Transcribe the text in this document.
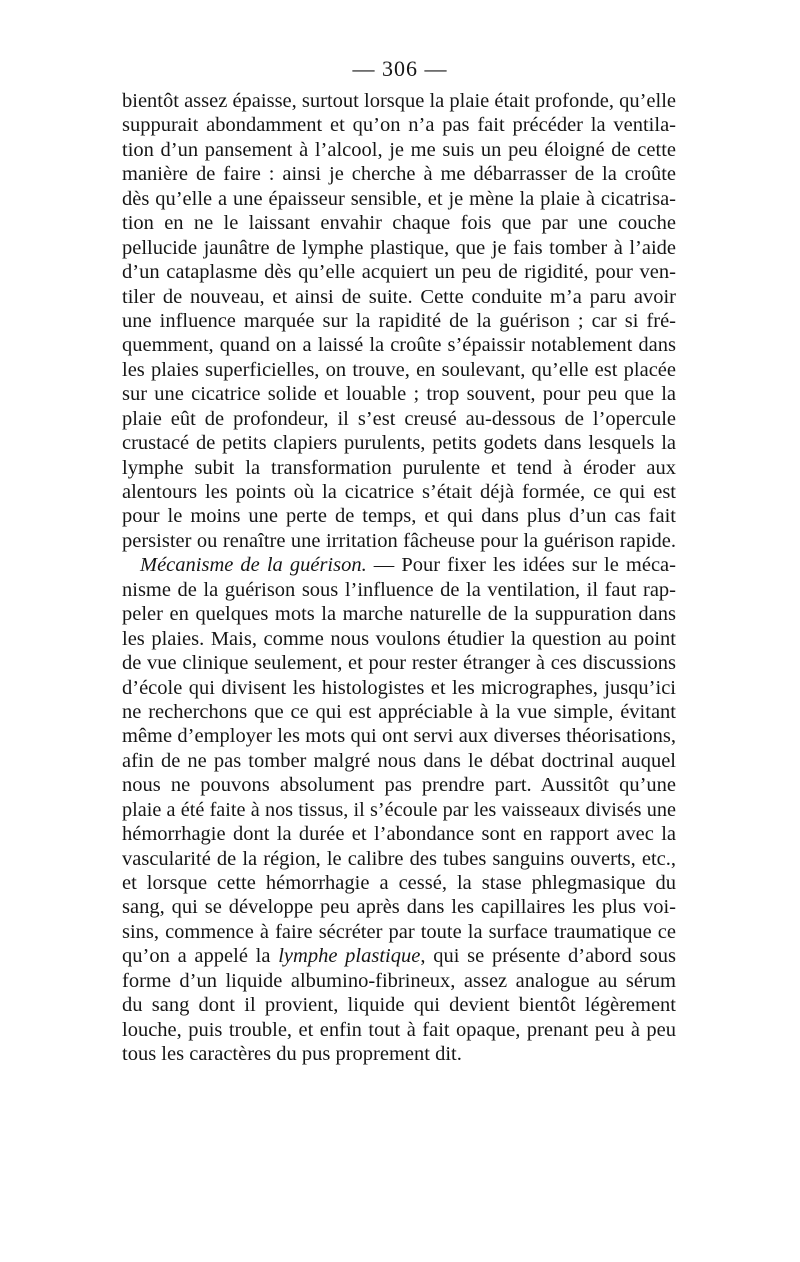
— 306 —
bientôt assez épaisse, surtout lorsque la plaie était profonde, qu’elle
suppurait abondamment et qu’on n’a pas fait précéder la ventila-
tion d’un pansement à l’alcool, je me suis un peu éloigné de cette
manière de faire : ainsi je cherche à me débarrasser de la croûte
dès qu’elle a une épaisseur sensible, et je mène la plaie à cicatrisa-
tion en ne le laissant envahir chaque fois que par une couche
pellucide jaunâtre de lymphe plastique, que je fais tomber à l’aide
d’un cataplasme dès qu’elle acquiert un peu de rigidité, pour ven-
tiler de nouveau, et ainsi de suite. Cette conduite m’a paru avoir
une influence marquée sur la rapidité de la guérison ; car si fré-
quemment, quand on a laissé la croûte s’épaissir notablement dans
les plaies superficielles, on trouve, en soulevant, qu’elle est placée
sur une cicatrice solide et louable ; trop souvent, pour peu que la
plaie eût de profondeur, il s’est creusé au-dessous de l’opercule
crustacé de petits clapiers purulents, petits godets dans lesquels la
lymphe subit la transformation purulente et tend à éroder aux
alentours les points où la cicatrice s’était déjà formée, ce qui est
pour le moins une perte de temps, et qui dans plus d’un cas fait
persister ou renaître une irritation fâcheuse pour la guérison rapide.
Mécanisme de la guérison. — Pour fixer les idées sur le méca-
nisme de la guérison sous l’influence de la ventilation, il faut rap-
peler en quelques mots la marche naturelle de la suppuration dans
les plaies. Mais, comme nous voulons étudier la question au point
de vue clinique seulement, et pour rester étranger à ces discussions
d’école qui divisent les histologistes et les micrographes, jusqu’ici
ne recherchons que ce qui est appréciable à la vue simple, évitant
même d’employer les mots qui ont servi aux diverses théorisations,
afin de ne pas tomber malgré nous dans le débat doctrinal auquel
nous ne pouvons absolument pas prendre part. Aussitôt qu’une
plaie a été faite à nos tissus, il s’écoule par les vaisseaux divisés une
hémorrhagie dont la durée et l’abondance sont en rapport avec la
vascularité de la région, le calibre des tubes sanguins ouverts, etc.,
et lorsque cette hémorrhagie a cessé, la stase phlegmasique du
sang, qui se développe peu après dans les capillaires les plus voi-
sins, commence à faire sécréter par toute la surface traumatique ce
qu’on a appelé la lymphe plastique, qui se présente d’abord sous
forme d’un liquide albumino-fibrineux, assez analogue au sérum
du sang dont il provient, liquide qui devient bientôt légèrement
louche, puis trouble, et enfin tout à fait opaque, prenant peu à peu
tous les caractères du pus proprement dit.
